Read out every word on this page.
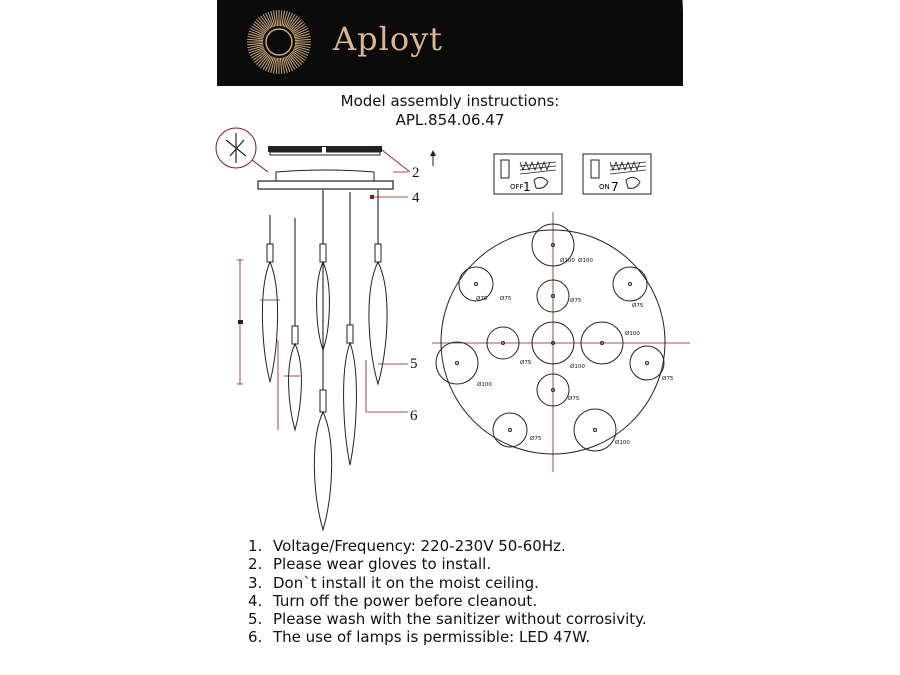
Aployt
Model assembly instructions:
APL.854.06.47
2
4
5
6
OFF 1	ON 7
Ø100
Ø100
Ø75	Ø75
Ø75
Ø75
Ø100
Ø100
Ø75
Ø75
Ø75
Ø100
Ø75
Ø100
1. Voltage/Frequency: 220-230V 50-60Hz.
2. Please wear gloves to install.
3. Don`t install it on the moist ceiling.
4. Turn off the power before cleanout.
5. Please wash with the sanitizer without corrosivity.
6. The use of lamps is permissible: LED 47W.
